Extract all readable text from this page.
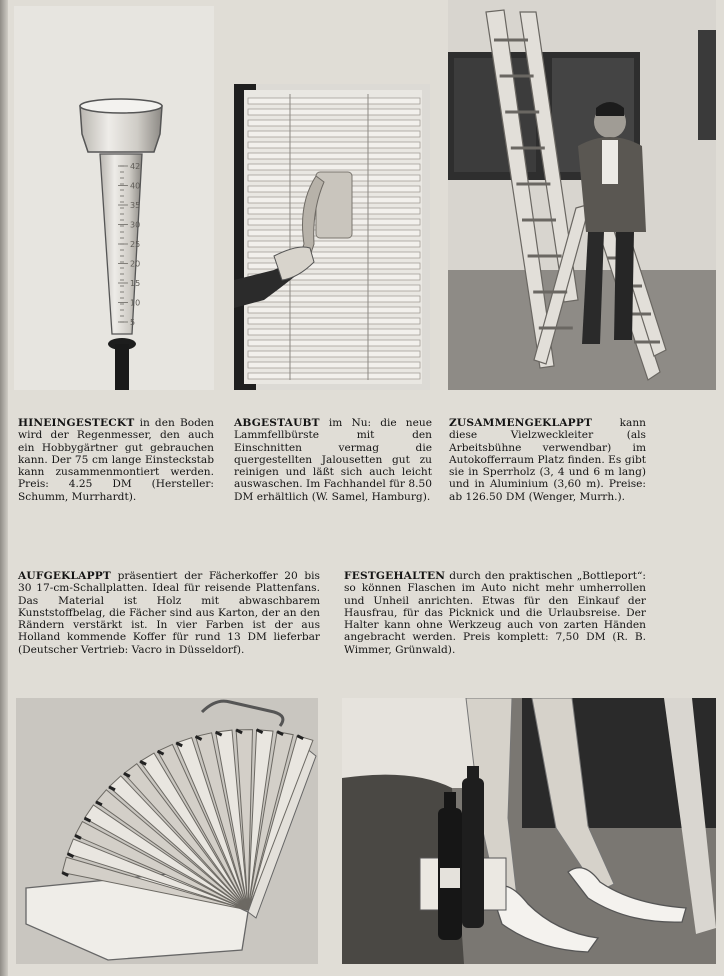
42
40
35
30
25
20
15
10
5
HINEINGESTECKT in den Boden wird der Regenmesser, den auch ein Hobbygärtner gut gebrauchen kann. Der 75 cm lange Einsteckstab kann zusammenmontiert werden. Preis: 4.25 DM (Hersteller: Schumm, Murrhardt).
ABGESTAUBT im Nu: die neue Lammfellbürste mit den Einschnitten vermag die quergestellten Jalousetten gut zu reinigen und läßt sich auch leicht auswaschen. Im Fachhandel für 8.50 DM erhältlich (W. Samel, Hamburg).
ZUSAMMENGEKLAPPT kann diese Vielzweckleiter (als Arbeitsbühne verwendbar) im Autokofferraum Platz finden. Es gibt sie in Sperrholz (3, 4 und 6 m lang) und in Aluminium (3,60 m). Preise: ab 126.50 DM (Wenger, Murrh.).
AUFGEKLAPPT präsentiert der Fächerkoffer 20 bis 30 17-cm-Schallplatten. Ideal für reisende Plattenfans. Das Material ist Holz mit abwaschbarem Kunststoffbelag, die Fächer sind aus Karton, der an den Rändern verstärkt ist. In vier Farben ist der aus Holland kommende Koffer für rund 13 DM lieferbar (Deutscher Vertrieb: Vacro in Düsseldorf).
FESTGEHALTEN durch den praktischen „Bottleport“: so können Flaschen im Auto nicht mehr umherrollen und Unheil anrichten. Etwas für den Einkauf der Hausfrau, für das Picknick und die Urlaubsreise. Der Halter kann ohne Werkzeug auch von zarten Händen angebracht werden. Preis komplett: 7,50 DM (R. B. Wimmer, Grünwald).
